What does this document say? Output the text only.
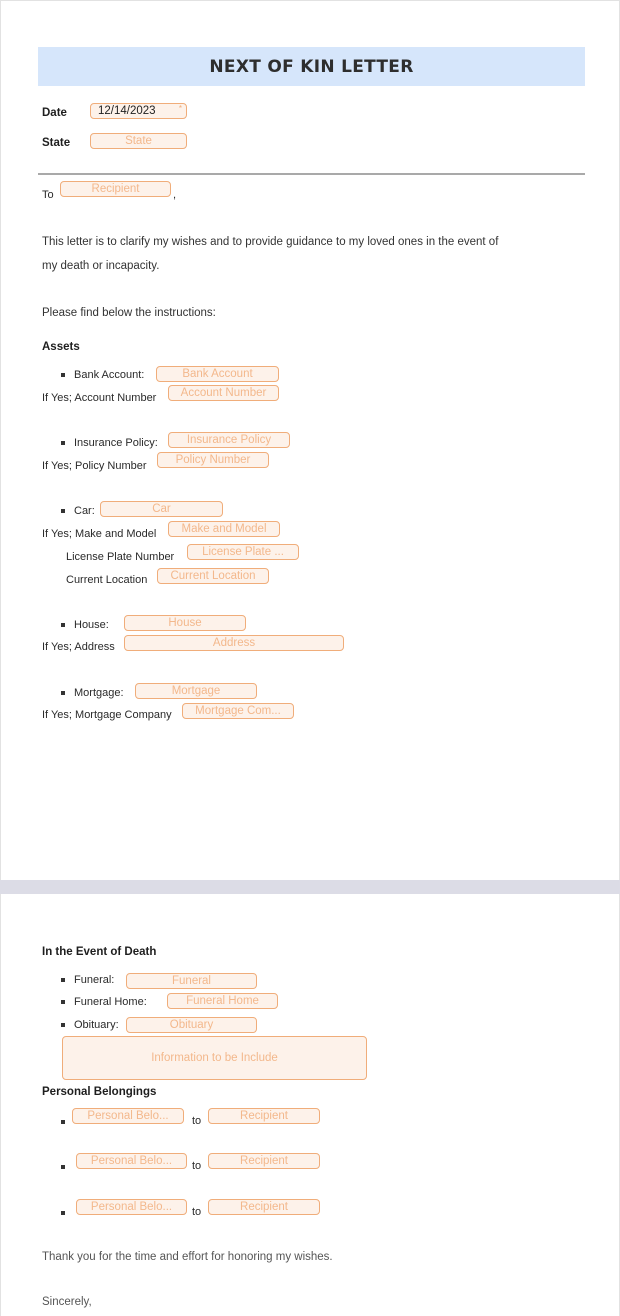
NEXT OF KIN LETTER
Date	12/14/2023	*
State	State
To	Recipient	,
This letter is to clarify my wishes and to provide guidance to my loved ones in the event of
my death or incapacity.
Please find below the instructions:
Assets
Bank Account:	Bank Account
If Yes; Account Number	Account Number
Insurance Policy:	Insurance Policy
If Yes; Policy Number	Policy Number
Car:	Car
If Yes; Make and Model	Make and Model
License Plate Number	License Plate ...
Current Location	Current Location
House:	House
If Yes; Address	Address
Mortgage:	Mortgage
If Yes; Mortgage Company	Mortgage Com...
In the Event of Death
Funeral:	Funeral
Funeral Home:	Funeral Home
Obituary:	Obituary
Information to be Include
Personal Belongings
Personal Belo...	to	Recipient
Personal Belo...	to	Recipient
Personal Belo...	to	Recipient
Thank you for the time and effort for honoring my wishes.
Sincerely,
